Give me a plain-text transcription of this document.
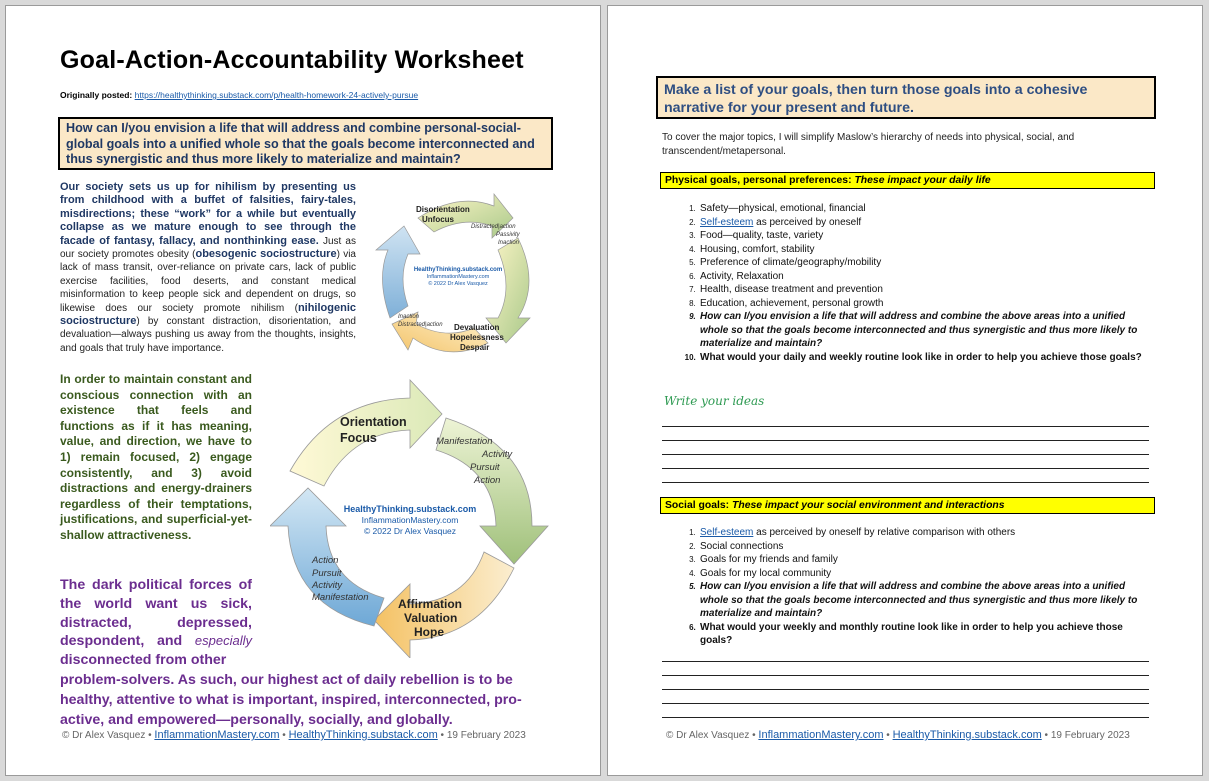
Goal-Action-Accountability Worksheet
Originally posted: https://healthythinking.substack.com/p/health-homework-24-actively-pursue
How can I/you envision a life that will address and combine personal-social-global goals into a unified whole so that the goals become interconnected and thus synergistic and thus more likely to materialize and maintain?
Our society sets us up for nihilism by presenting us from childhood with a buffet of falsities, fairy-tales, misdirections; these “work” for a while but eventually collapse as we mature enough to see through the facade of fantasy, fallacy, and nonthinking ease. Just as our society promotes obesity (obesogenic sociostructure) via lack of mass transit, over-reliance on private cars, lack of public exercise facilities, food deserts, and constant medical misinformation to keep people sick and dependent on drugs, so likewise does our society promote nihilism (nihilogenic sociostructure) by constant distraction, disorientation, and devaluation—always pushing us away from the thoughts, insights, and goals that truly have importance.
Disorientation
Unfocus
Distracted|action
Passivity
Inaction
Inaction
Distracted|action Devaluation
Hopelessness
Despair
HealthyThinking.substack.com
InflammationMastery.com
© 2022 Dr Alex Vasquez
In order to maintain constant and conscious connection with an existence that feels and functions as if it has meaning, value, and direction, we have to 1) remain focused, 2) engage consistently, and 3) avoid distractions and energy-drainers regardless of their temptations, justifications, and superficial-yet-shallow attractiveness.
Orientation
Focus	Manifestation
Activity
Pursuit
Action
Action
Pursuit
Activity
Manifestation Affirmation
Valuation
Hope
HealthyThinking.substack.com
InflammationMastery.com
© 2022 Dr Alex Vasquez
The dark political forces of the world want us sick, distracted, depressed, despondent, and especially disconnected from other
problem-solvers. As such, our highest act of daily rebellion is to be healthy, attentive to what is important, inspired, interconnected, pro-active, and empowered—personally, socially, and globally.
© Dr Alex Vasquez • InflammationMastery.com • HealthyThinking.substack.com • 19 February 2023
Make a list of your goals, then turn those goals into a cohesive narrative for your present and future.
To cover the major topics, I will simplify Maslow’s hierarchy of needs into physical, social, and transcendent/metapersonal.
Physical goals, personal preferences: These impact your daily life
1. Safety—physical, emotional, financial
2. Self-esteem as perceived by oneself
3. Food—quality, taste, variety
4. Housing, comfort, stability
5. Preference of climate/geography/mobility
6. Activity, Relaxation
7. Health, disease treatment and prevention
8. Education, achievement, personal growth
9. How can I/you envision a life that will address and combine the above areas into a unified whole so that the goals become interconnected and thus synergistic and thus more likely to materialize and maintain?
10. What would your daily and weekly routine look like in order to help you achieve those goals?
Write your ideas
Social goals: These impact your social environment and interactions
1. Self-esteem as perceived by oneself by relative comparison with others
2. Social connections
3. Goals for my friends and family
4. Goals for my local community
5. How can I/you envision a life that will address and combine the above areas into a unified whole so that the goals become interconnected and thus synergistic and thus more likely to materialize and maintain?
6. What would your weekly and monthly routine look like in order to help you achieve those goals?
© Dr Alex Vasquez • InflammationMastery.com • HealthyThinking.substack.com • 19 February 2023
